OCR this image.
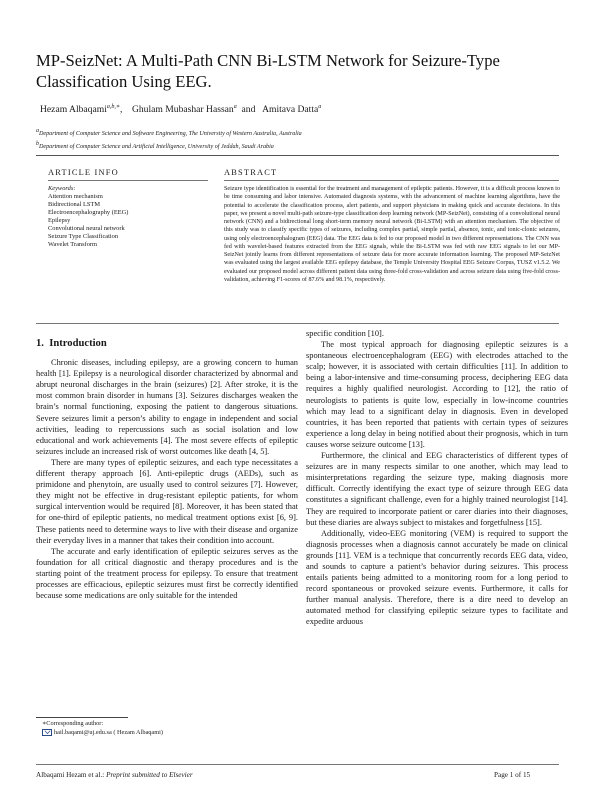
MP-SeizNet: A Multi-Path CNN Bi-LSTM Network for Seizure-Type
Classification Using EEG.
Hezam Albaqami$^{a,b,∗}$, Ghulam Mubashar Hassan$^a$ and Amitava Datta$^a$
$^a$Department of Computer Science and Software Engineering, The University of Western Australia, Australia
$^b$Department of Computer Science and Artificial Intelligence, University of Jeddah, Saudi Arabia
ARTICLE INFO
Keywords:
Attention mechanism
Bidirectional LSTM
Electroencephalography (EEG)
Epilepsy
Convolutional neural network
Seizure Type Classification
Wavelet Transform
ABSTRACT
Seizure type identification is essential for the treatment and management of epileptic patients. However, it is a difficult process known to be time consuming and labor intensive. Automated diagnosis systems, with the advancement of machine learning algorithms, have the potential to accelerate the classification process, alert patients, and support physicians in making quick and accurate decisions. In this paper, we present a novel multi-path seizure-type classification deep learning network (MP-SeizNet), consisting of a convolutional neural network (CNN) and a bidirectional long short-term memory neural network (Bi-LSTM) with an attention mechanism. The objective of this study was to classify specific types of seizures, including complex partial, simple partial, absence, tonic, and tonic-clonic seizures, using only electroencephalogram (EEG) data. The EEG data is fed to our proposed model in two different representations. The CNN was fed with wavelet-based features extracted from the EEG signals, while the Bi-LSTM was fed with raw EEG signals to let our MP-SeizNet jointly learns from different representations of seizure data for more accurate information learning. The proposed MP-SeizNet was evaluated using the largest available EEG epilepsy database, the Temple University Hospital EEG Seizure Corpus, TUSZ v1.5.2. We evaluated our proposed model across different patient data using three-fold cross-validation and across seizure data using five-fold cross-validation, achieving F1-scores of 87.6% and 98.1%, respectively.
1. Introduction

Chronic diseases, including epilepsy, are a growing concern to human health [1]. Epilepsy is a neurological disorder characterized by abnormal and abrupt neuronal discharges in the brain (seizures) [2]. After stroke, it is the most common brain disorder in humans [3]. Seizures discharges weaken the brain’s normal functioning, exposing the patient to dangerous situations. Severe seizures limit a person’s ability to engage in independent and social activities, leading to repercussions such as social isolation and low educational and work achievements [4]. The most severe effects of epileptic seizures include an increased risk of worst outcomes like death [4, 5].

There are many types of epileptic seizures, and each type necessitates a different therapy approach [6]. Anti-epileptic drugs (AEDs), such as primidone and phenytoin, are usually used to control seizures [7]. However, they might not be effective in drug-resistant epileptic patients, for whom surgical intervention would be required [8]. Moreover, it has been stated that for one-third of epileptic patients, no medical treatment options exist [6, 9]. These patients need to determine ways to live with their disease and organize their everyday lives in a manner that takes their condition into account.

The accurate and early identification of epileptic seizures serves as the foundation for all critical diagnostic and therapy procedures and is the starting point of the treatment process for epilepsy. To ensure that treatment processes are efficacious, epileptic seizures must first be correctly identified because some medications are only suitable for the intended

specific condition [10].

The most typical approach for diagnosing epileptic seizures is a spontaneous electroencephalogram (EEG) with electrodes attached to the scalp; however, it is associated with certain difficulties [11]. In addition to being a labor-intensive and time-consuming process, deciphering EEG data requires a highly qualified neurologist. According to [12], the ratio of neurologists to patients is quite low, especially in low-income countries which may lead to a significant delay in diagnosis. Even in developed countries, it has been reported that patients with certain types of seizures experience a long delay in being notified about their prognosis, which in turn causes worse seizure outcome [13].

Furthermore, the clinical and EEG characteristics of different types of seizures are in many respects similar to one another, which may lead to misinterpretations regarding the seizure type, making diagnosis more difficult. Correctly identifying the exact type of seizure through EEG data constitutes a significant challenge, even for a highly trained neurologist [14]. They are required to incorporate patient or carer diaries into their diagnoses, but these diaries are always subject to mistakes and forgetfulness [15].

Additionally, video-EEG monitoring (VEM) is required to support the diagnosis processes when a diagnosis cannot accurately be made on clinical grounds [11]. VEM is a technique that concurrently records EEG data, video, and sounds to capture a patient’s behavior during seizures. This process entails patients being admitted to a monitoring room for a long period to record spontaneous or provoked seizure events. Furthermore, it calls for further manual analysis. Therefore, there is a dire need to develop an automated method for classifying epileptic seizure types to facilitate and expedite arduous

∗Corresponding author:
hail.baqami@uj.edu.sa ( Hezam Albaqami)
Albaqami Hezam et al.: Preprint submitted to Elsevier	Page 1 of 15
